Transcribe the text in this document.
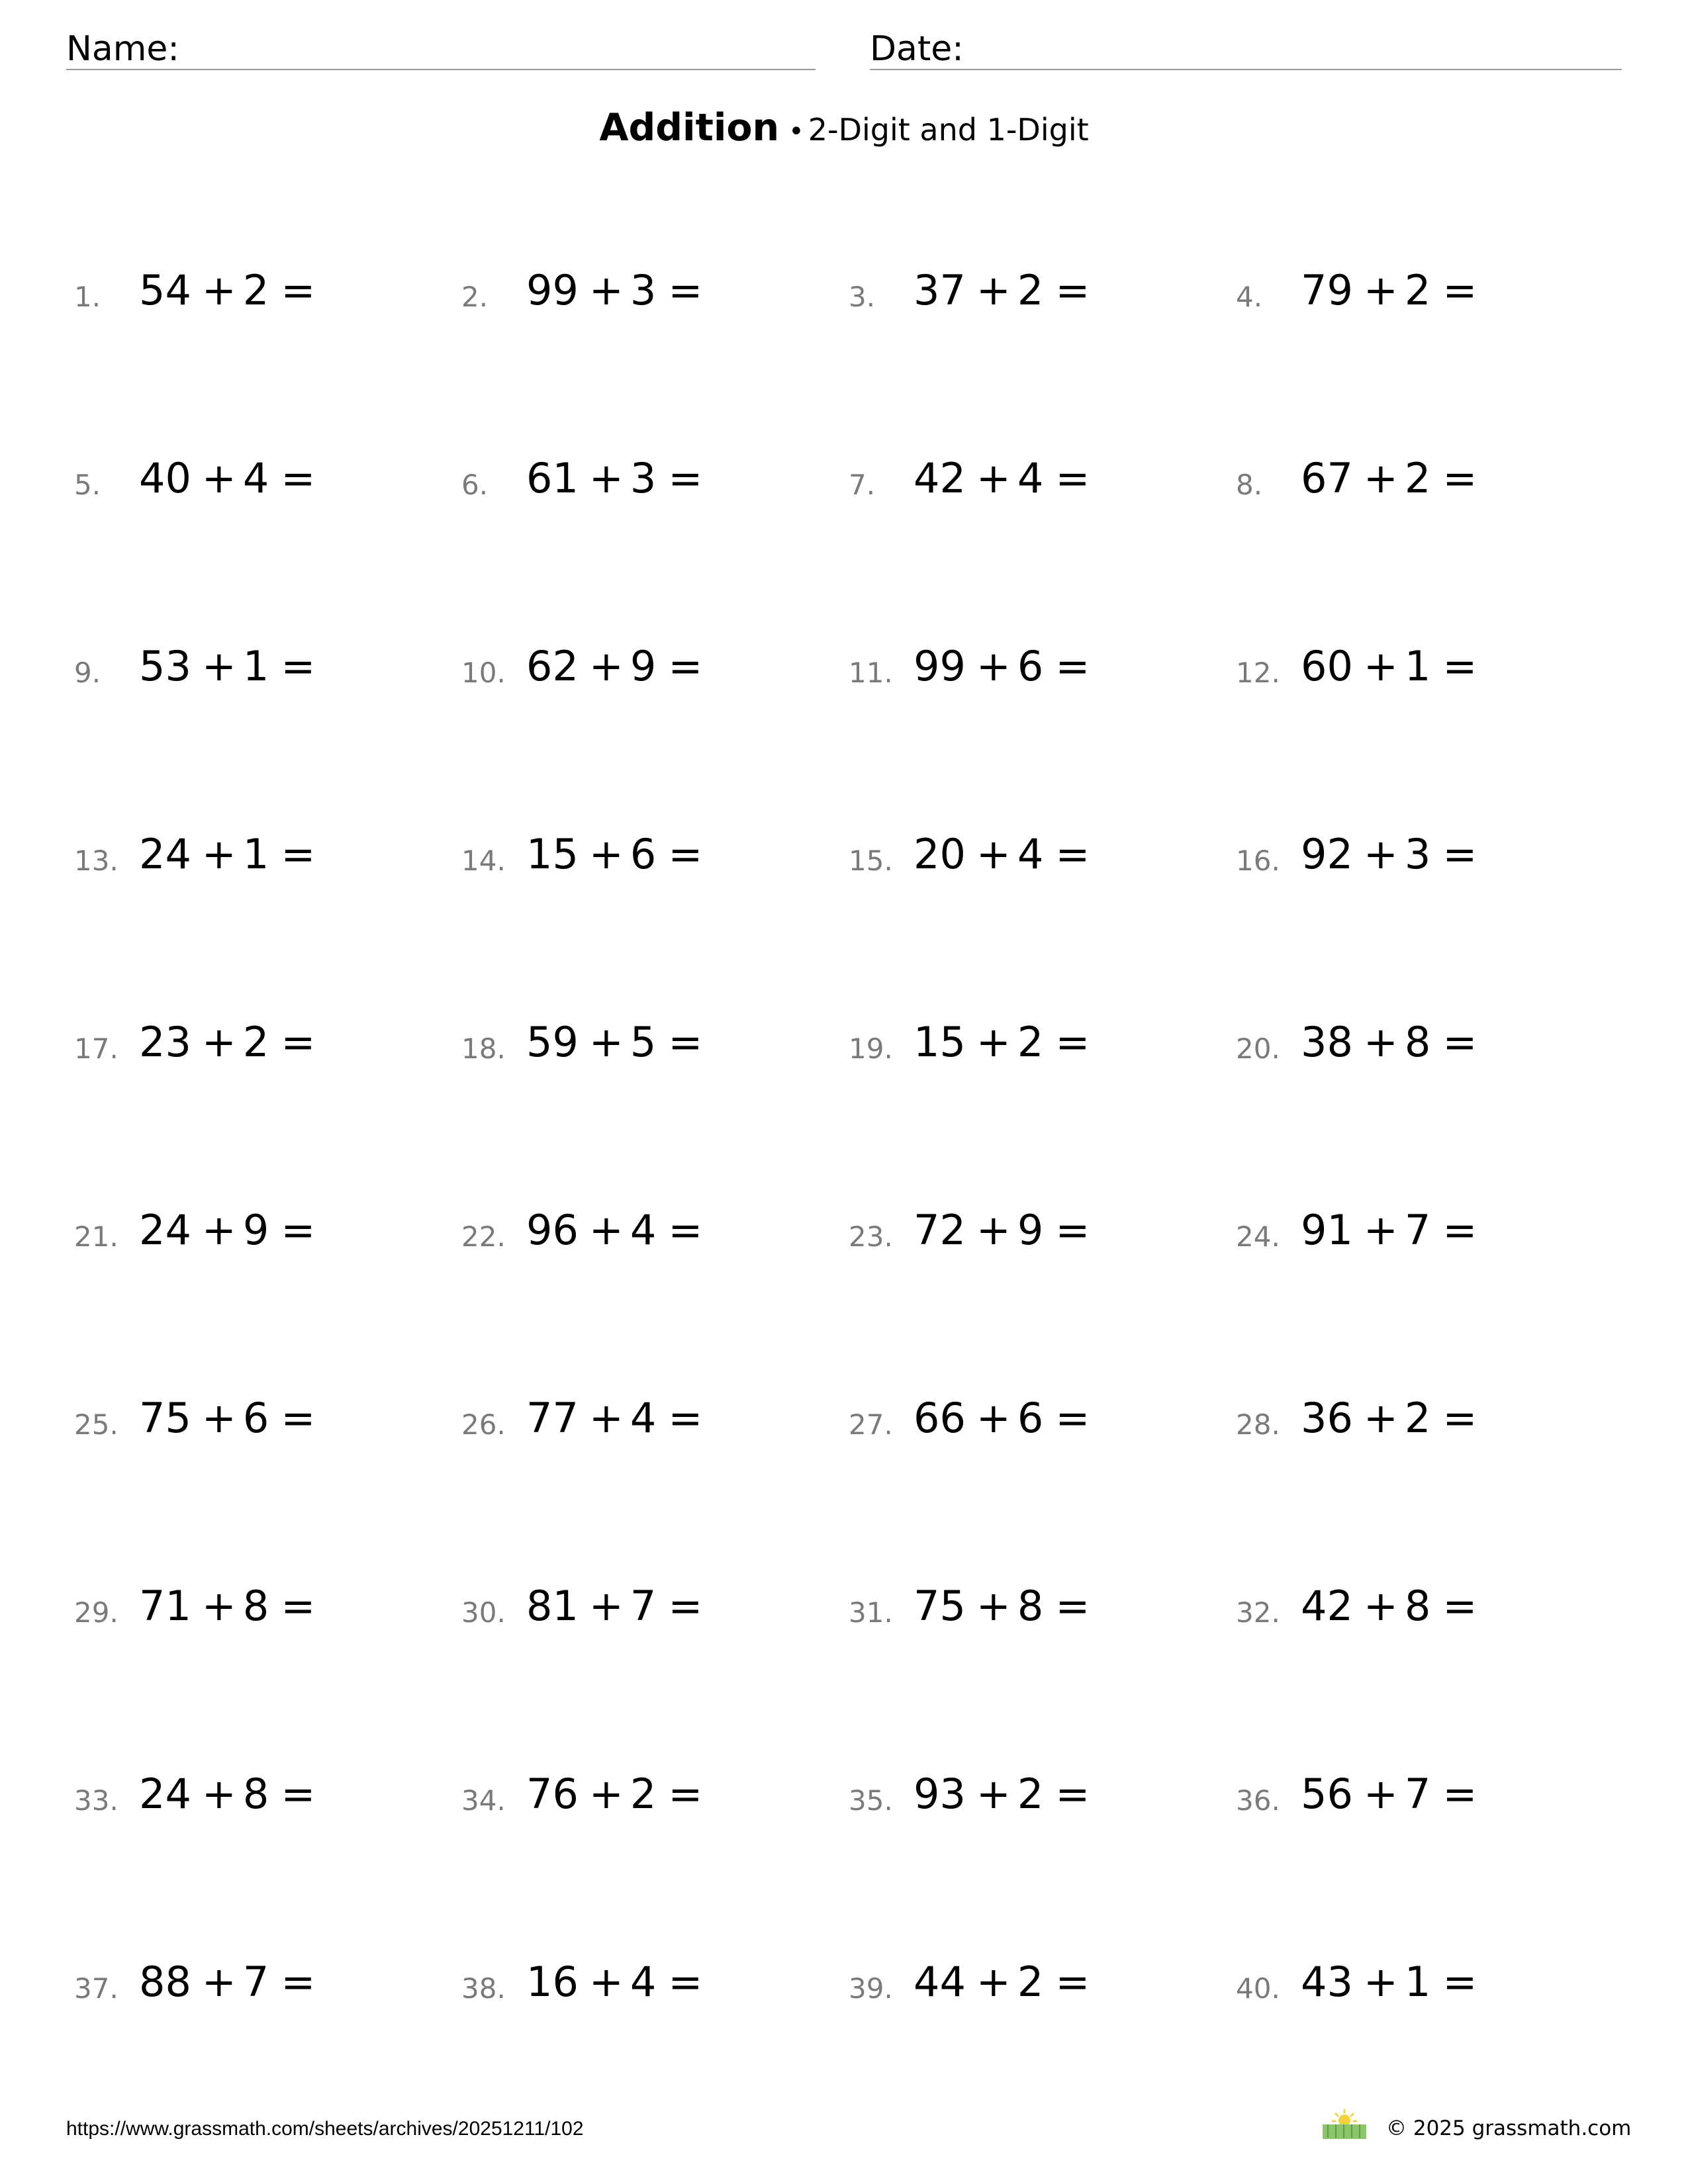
Name:	Date:
Addition • 2-Digit and 1-Digit
1. 54 + 2 =	2. 99 + 3 =	3. 37 + 2 =	4. 79 + 2 =
5. 40 + 4 =	6. 61 + 3 =	7. 42 + 4 =	8. 67 + 2 =
9. 53 + 1 =	10. 62 + 9 =	11. 99 + 6 =	12. 60 + 1 =
13. 24 + 1 =	14. 15 + 6 =	15. 20 + 4 =	16. 92 + 3 =
17. 23 + 2 =	18. 59 + 5 =	19. 15 + 2 =	20. 38 + 8 =
21. 24 + 9 =	22. 96 + 4 =	23. 72 + 9 =	24. 91 + 7 =
25. 75 + 6 =	26. 77 + 4 =	27. 66 + 6 =	28. 36 + 2 =
29. 71 + 8 =	30. 81 + 7 =	31. 75 + 8 =	32. 42 + 8 =
33. 24 + 8 =	34. 76 + 2 =	35. 93 + 2 =	36. 56 + 7 =
37. 88 + 7 =	38. 16 + 4 =	39. 44 + 2 =	40. 43 + 1 =
https://www.grassmath.com/sheets/archives/20251211/102	© 2025 grassmath.com
